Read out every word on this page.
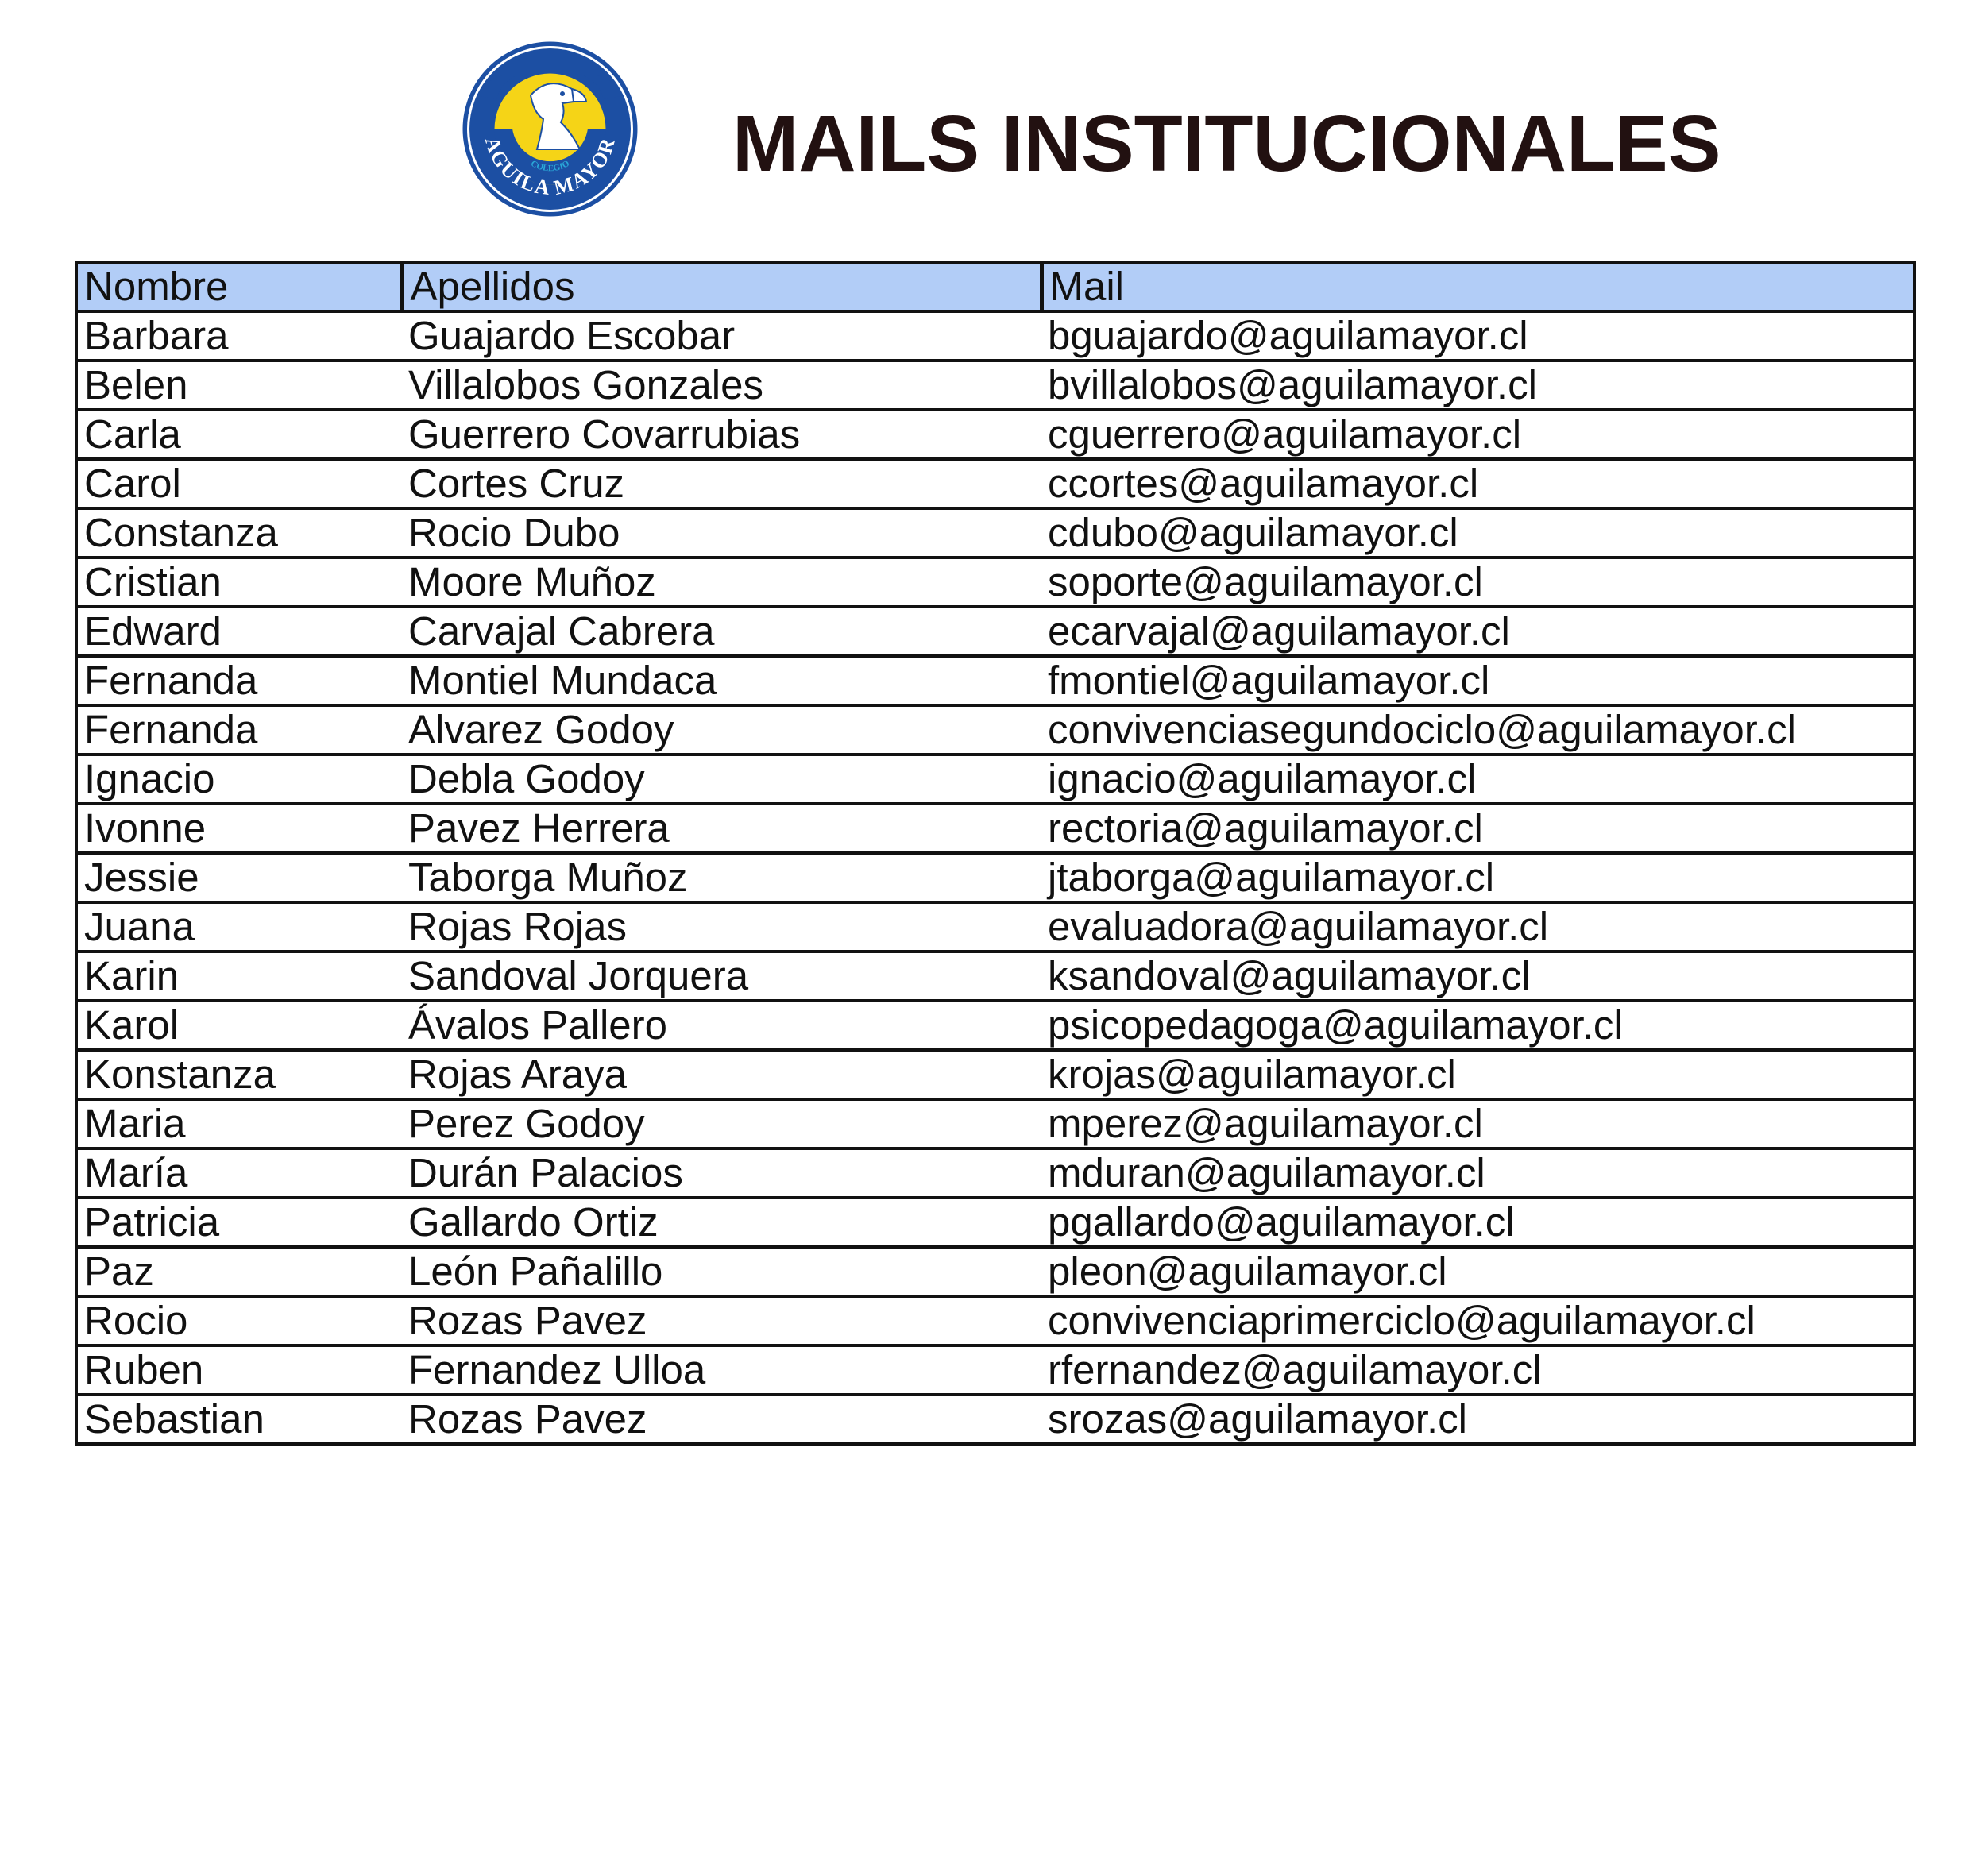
COLEGIO
AGUILA MAYOR MAILS INSTITUCIONALES
Nombre	Apellidos	Mail
Barbara	Guajardo Escobar	bguajardo@aguilamayor.cl
Belen	Villalobos Gonzales	bvillalobos@aguilamayor.cl
Carla	Guerrero Covarrubias	cguerrero@aguilamayor.cl
Carol	Cortes Cruz	ccortes@aguilamayor.cl
Constanza	Rocio Dubo	cdubo@aguilamayor.cl
Cristian	Moore Muñoz	soporte@aguilamayor.cl
Edward	Carvajal Cabrera	ecarvajal@aguilamayor.cl
Fernanda	Montiel Mundaca	fmontiel@aguilamayor.cl
Fernanda	Alvarez Godoy	convivenciasegundociclo@aguilamayor.cl
Ignacio	Debla Godoy	ignacio@aguilamayor.cl
Ivonne	Pavez Herrera	rectoria@aguilamayor.cl
Jessie	Taborga Muñoz	jtaborga@aguilamayor.cl
Juana	Rojas Rojas	evaluadora@aguilamayor.cl
Karin	Sandoval Jorquera	ksandoval@aguilamayor.cl
Karol	Ávalos Pallero	psicopedagoga@aguilamayor.cl
Konstanza	Rojas Araya	krojas@aguilamayor.cl
Maria	Perez Godoy	mperez@aguilamayor.cl
María	Durán Palacios	mduran@aguilamayor.cl
Patricia	Gallardo Ortiz	pgallardo@aguilamayor.cl
Paz	León Pañalillo	pleon@aguilamayor.cl
Rocio	Rozas Pavez	convivenciaprimerciclo@aguilamayor.cl
Ruben	Fernandez Ulloa	rfernandez@aguilamayor.cl
Sebastian	Rozas Pavez	srozas@aguilamayor.cl
